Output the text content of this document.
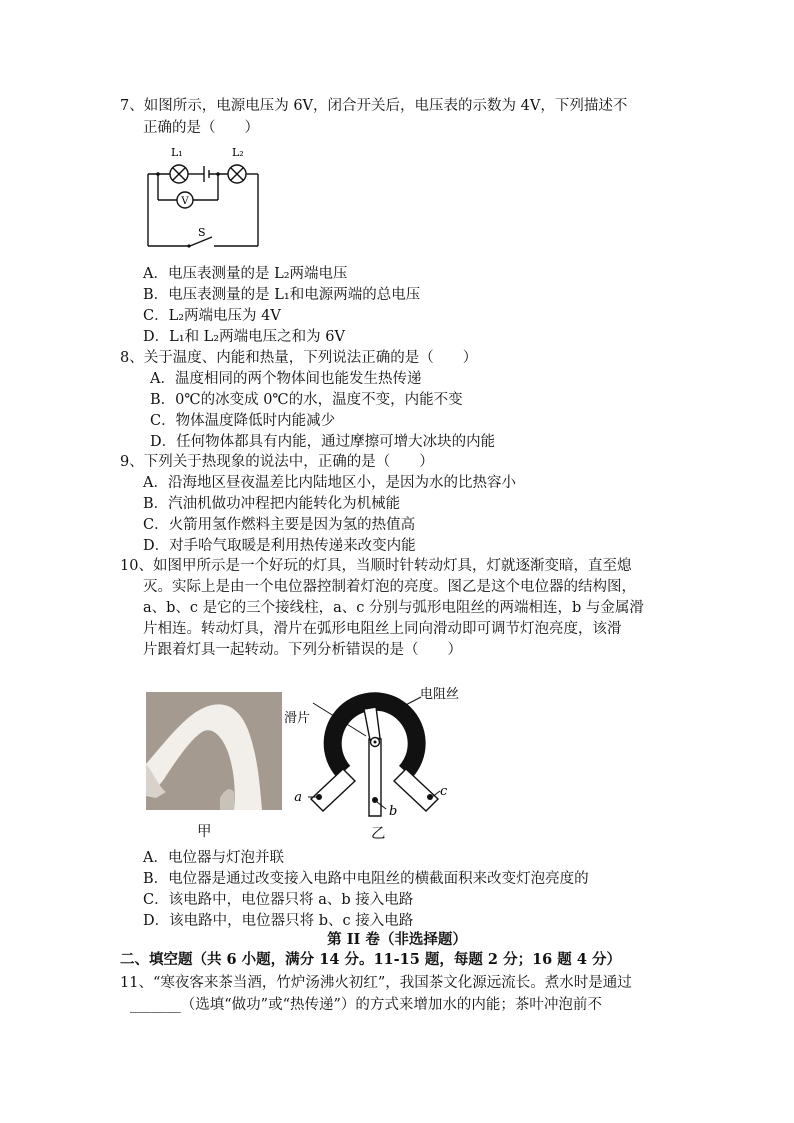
7、如图所示，电源电压为 6V，闭合开关后，电压表的示数为 4V，下列描述不
正确的是（　　）
L₁	L₂
V
S
A．电压表测量的是 L₂两端电压
B．电压表测量的是 L₁和电源两端的总电压
C．L₂两端电压为 4V
D．L₁和 L₂两端电压之和为 6V
8、关于温度、内能和热量，下列说法正确的是（　　）
A．温度相同的两个物体间也能发生热传递
B．0℃的冰变成 0℃的水，温度不变，内能不变
C．物体温度降低时内能减少
D．任何物体都具有内能，通过摩擦可增大冰块的内能
9、下列关于热现象的说法中，正确的是（　　）
A．沿海地区昼夜温差比内陆地区小，是因为水的比热容小
B．汽油机做功冲程把内能转化为机械能
C．火箭用氢作燃料主要是因为氢的热值高
D．对手哈气取暖是利用热传递来改变内能
10、如图甲所示是一个好玩的灯具，当顺时针转动灯具，灯就逐渐变暗，直至熄
灭。实际上是由一个电位器控制着灯泡的亮度。图乙是这个电位器的结构图，
a、b、c 是它的三个接线柱，a、c 分别与弧形电阻丝的两端相连，b 与金属滑
片相连。转动灯具，滑片在弧形电阻丝上同向滑动即可调节灯泡亮度，该滑
片跟着灯具一起转动。下列分析错误的是（　　）
甲
a
b
c
滑片
电阻丝
乙
A．电位器与灯泡并联
B．电位器是通过改变接入电路中电阻丝的横截面积来改变灯泡亮度的
C．该电路中，电位器只将 a、b 接入电路
D．该电路中，电位器只将 b、c 接入电路
第 II 卷（非选择题）
二、填空题（共 6 小题，满分 14 分。11-15 题，每题 2 分；16 题 4 分）
11、“寒夜客来茶当酒，竹炉汤沸火初红”，我国茶文化源远流长。煮水时是通过
_______（选填“做功”或“热传递”）的方式来增加水的内能；茶叶冲泡前不
